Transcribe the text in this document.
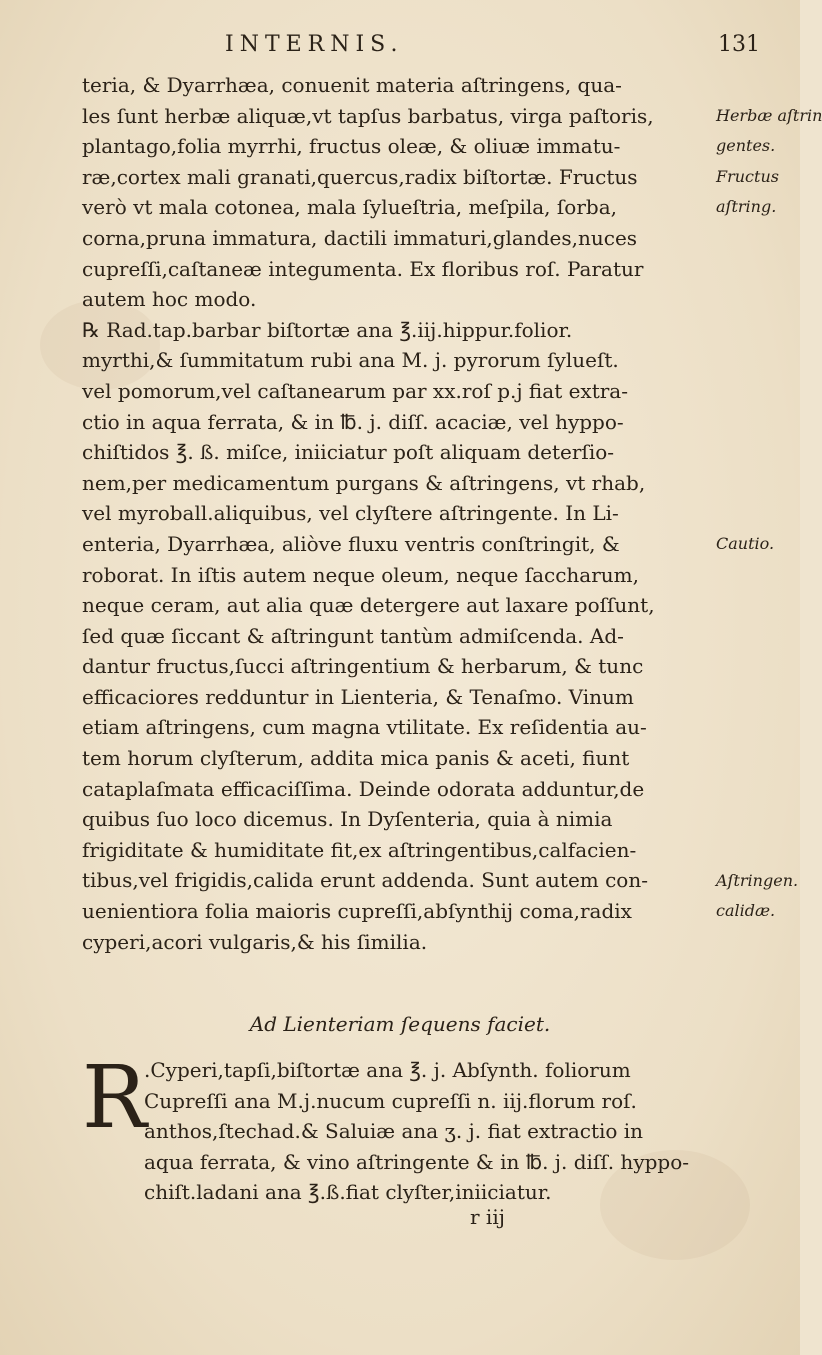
INTERNIS.	131
teria, & Dyarrhæa, conuenit materia aſtringens, qua-
les ſunt herbæ aliquæ,vt tapſus barbatus, virga paſtoris,
plantago,folia myrrhi, fructus oleæ, & oliuæ immatu-
ræ,cortex mali granati,quercus,radix biſtortæ. Fructus
verò vt mala cotonea, mala ſylueſtria, meſpila, ſorba,
corna,pruna immatura, dactili immaturi,glandes,nuces
cupreſſi,caſtaneæ integumenta. Ex floribus roſ. Paratur
autem hoc modo.
℞ Rad.tap.barbar biſtortæ ana ℥.iij.hippur.folior.
myrthi,& ſummitatum rubi ana M. j. pyrorum ſylueſt.
vel pomorum,vel caſtanearum par xx.roſ p.j fiat extra-
ctio in aqua ferrata, & in ℔. j. diſſ. acaciæ, vel hyppo-
chiſtidos ℥. ß. miſce, iniiciatur poſt aliquam deterſio-
nem,per medicamentum purgans & aſtringens, vt rhab,
vel myroball.aliquibus, vel clyſtere aſtringente. In Li-
enteria, Dyarrhæa, aliòve fluxu ventris conſtringit, &
roborat. In iſtis autem neque oleum, neque ſaccharum,
neque ceram, aut alia quæ detergere aut laxare poſſunt,
ſed quæ ſiccant & aſtringunt tantùm admiſcenda. Ad-
dantur fructus,ſucci aſtringentium & herbarum, & tunc
efficaciores redduntur in Lienteria, & Tenaſmo. Vinum
etiam aſtringens, cum magna vtilitate. Ex reſidentia au-
tem horum clyſterum, addita mica panis & aceti, fiunt
cataplaſmata efficaciſſima. Deinde odorata adduntur,de
quibus ſuo loco dicemus. In Dyſenteria, quia à nimia
frigiditate & humiditate fit,ex aſtringentibus,calfacien-
tibus,vel frigidis,calida erunt addenda. Sunt autem con-
uenientiora folia maioris cupreſſi,abſynthij coma,radix
cyperi,acori vulgaris,& his ſimilia.
Herbæ aſtrin
gentes.
Fructus
aſtring.
Cautio.
Aſtringen.
calidæ.
Ad Lienteriam ſequens faciet.
R
.Cyperi,tapſi,biſtortæ ana ℥. j. Abſynth. foliorum
Cupreſſi ana M.j.nucum cupreſſi n. iij.florum roſ.
anthos,ſtechad.& Saluiæ ana ʒ. j. fiat extractio in
aqua ferrata, & vino aſtringente & in ℔. j. diſſ. hyppo-
chiſt.ladani ana ℥.ß.fiat clyſter,iniiciatur.
r iij
